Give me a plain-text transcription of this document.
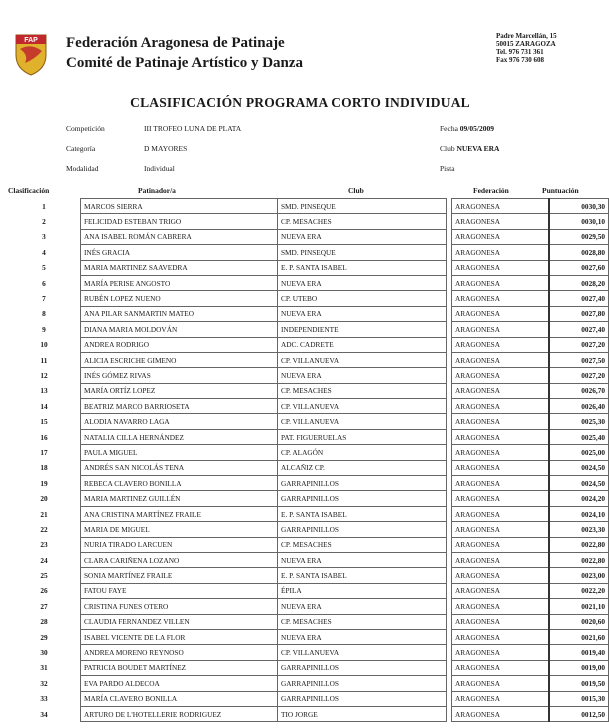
FAP Federación Aragonesa de Patinaje
Comité de Patinaje Artístico y Danza
Padre Marcellán, 15
50015 ZARAGOZA
Tel. 976 731 361
Fax 976 730 608
CLASIFICACIÓN PROGRAMA CORTO INDIVIDUAL
Competición	III TROFEO LUNA DE PLATA	Fecha 09/05/2009
Categoría	D MAYORES	Club NUEVA ERA
Modalidad	Individual	Pista
Clasificación	Patinador/a	Club	Federación	Puntuación
1	MARCOS SIERRA	SMD. PINSEQUE		ARAGONESA	0030,30
2	FELICIDAD ESTEBAN TRIGO	CP. MESACHES		ARAGONESA	0030,10
3	ANA ISABEL ROMÁN CABRERA	NUEVA ERA		ARAGONESA	0029,50
4	INÉS GRACIA	SMD. PINSEQUE		ARAGONESA	0028,80
5	MARIA MARTINEZ SAAVEDRA	E. P. SANTA ISABEL		ARAGONESA	0027,60
6	MARÍA PERISE ANGOSTO	NUEVA ERA		ARAGONESA	0028,20
7	RUBÉN LOPEZ NUENO	CP. UTEBO		ARAGONESA	0027,40
8	ANA PILAR SANMARTIN MATEO	NUEVA ERA		ARAGONESA	0027,80
9	DIANA MARIA MOLDOVÁN	INDEPENDIENTE		ARAGONESA	0027,40
10	ANDREA RODRIGO	ADC. CADRETE		ARAGONESA	0027,20
11	ALICIA ESCRICHE GIMENO	CP. VILLANUEVA		ARAGONESA	0027,50
12	INÉS GÓMEZ RIVAS	NUEVA ERA		ARAGONESA	0027,20
13	MARÍA ORTÍZ LOPEZ	CP. MESACHES		ARAGONESA	0026,70
14	BEATRIZ MARCO BARRIOSETA	CP. VILLANUEVA		ARAGONESA	0026,40
15	ALODIA NAVARRO LAGA	CP. VILLANUEVA		ARAGONESA	0025,30
16	NATALIA CILLA HERNÁNDEZ	PAT. FIGUERUELAS		ARAGONESA	0025,40
17	PAULA MIGUEL	CP. ALAGÓN		ARAGONESA	0025,00
18	ANDRÉS SAN NICOLÁS TENA	ALCAÑIZ CP.		ARAGONESA	0024,50
19	REBECA CLAVERO BONILLA	GARRAPINILLOS		ARAGONESA	0024,50
20	MARIA MARTINEZ GUILLÉN	GARRAPINILLOS		ARAGONESA	0024,20
21	ANA CRISTINA MARTÍNEZ FRAILE	E. P. SANTA ISABEL		ARAGONESA	0024,10
22	MARIA DE MIGUEL	GARRAPINILLOS		ARAGONESA	0023,30
23	NURIA TIRADO LARCUEN	CP. MESACHES		ARAGONESA	0022,80
24	CLARA CARIÑENA LOZANO	NUEVA ERA		ARAGONESA	0022,80
25	SONIA MARTÍNEZ FRAILE	E. P. SANTA ISABEL		ARAGONESA	0023,00
26	FATOU FAYE	ÉPILA		ARAGONESA	0022,20
27	CRISTINA FUNES OTERO	NUEVA ERA		ARAGONESA	0021,10
28	CLAUDIA FERNANDEZ VILLEN	CP. MESACHES		ARAGONESA	0020,60
29	ISABEL VICENTE DE LA FLOR	NUEVA ERA		ARAGONESA	0021,60
30	ANDREA MORENO REYNOSO	CP. VILLANUEVA		ARAGONESA	0019,40
31	PATRICIA BOUDET MARTÍNEZ	GARRAPINILLOS		ARAGONESA	0019,00
32	EVA PARDO ALDECOA	GARRAPINILLOS		ARAGONESA	0019,50
33	MARÍA CLAVERO BONILLA	GARRAPINILLOS		ARAGONESA	0015,30
34	ARTURO DE L'HOTELLERIE RODRIGUEZ	TIO JORGE		ARAGONESA	0012,50
